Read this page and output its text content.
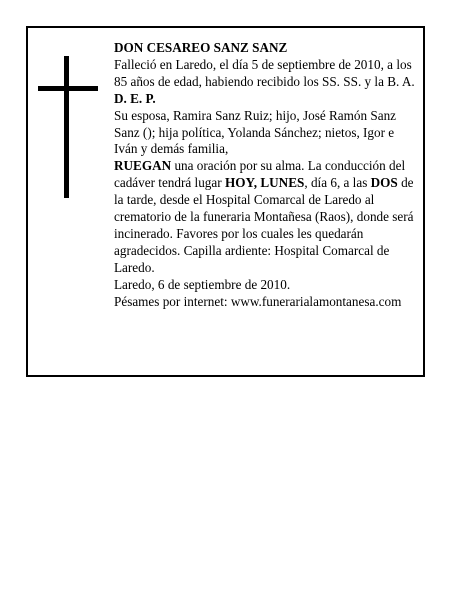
DON CESAREO SANZ SANZ

Falleció en Laredo, el día 5 de septiembre de 2010, a los 85 años de edad, habiendo recibido los SS. SS. y la B. A.

D. E. P.

Su esposa, Ramira Sanz Ruiz; hijo, José Ramón Sanz Sanz (); hija política, Yolanda Sánchez; nietos, Igor e Iván y demás familia,

RUEGAN una oración por su alma. La conducción del cadáver tendrá lugar HOY, LUNES, día 6, a las DOS de la tarde, desde el Hospital Comarcal de Laredo al crematorio de la funeraria Montañesa (Raos), donde será incinerado. Favores por los cuales les quedarán agradecidos. Capilla ardiente: Hospital Comarcal de Laredo.

Laredo, 6 de septiembre de 2010.

Pésames por internet: www.funerarialamontanesa.com
